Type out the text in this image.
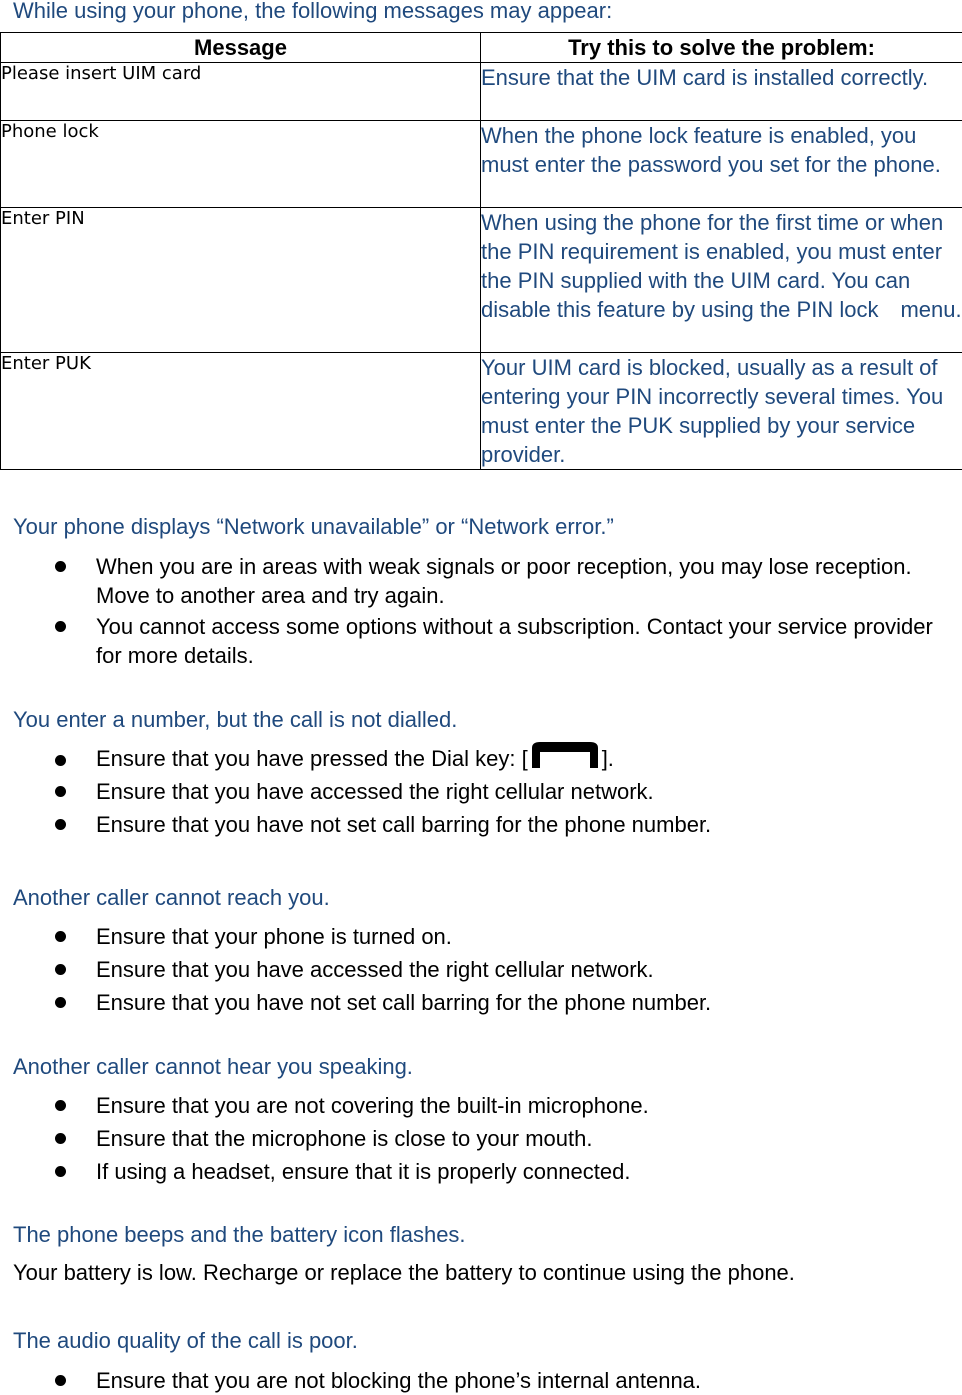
While using your phone, the following messages may appear:
Message	Try this to solve the problem:
Please insert UIM card	Ensure that the UIM card is installed correctly.
Phone lock	When the phone lock feature is enabled, you must enter the password you set for the phone.
Enter PIN	When using the phone for the first time or when the PIN requirement is enabled, you must enter the PIN supplied with the UIM card. You can disable this feature by using the PIN lock　menu.
Enter PUK	Your UIM card is blocked, usually as a result of entering your PIN incorrectly several times. You must enter the PUK supplied by your service provider.
Your phone displays “Network unavailable” or “Network error.”
When you are in areas with weak signals or poor reception, you may lose reception. Move to another area and try again.
You cannot access some options without a subscription. Contact your service provider for more details.
You enter a number, but the call is not dialled.
Ensure that you have pressed the Dial key: [	].
Ensure that you have accessed the right cellular network.
Ensure that you have not set call barring for the phone number.
Another caller cannot reach you.
Ensure that your phone is turned on.
Ensure that you have accessed the right cellular network.
Ensure that you have not set call barring for the phone number.
Another caller cannot hear you speaking.
Ensure that you are not covering the built-in microphone.
Ensure that the microphone is close to your mouth.
If using a headset, ensure that it is properly connected.
The phone beeps and the battery icon flashes.
Your battery is low. Recharge or replace the battery to continue using the phone.
The audio quality of the call is poor.
Ensure that you are not blocking the phone’s internal antenna.
